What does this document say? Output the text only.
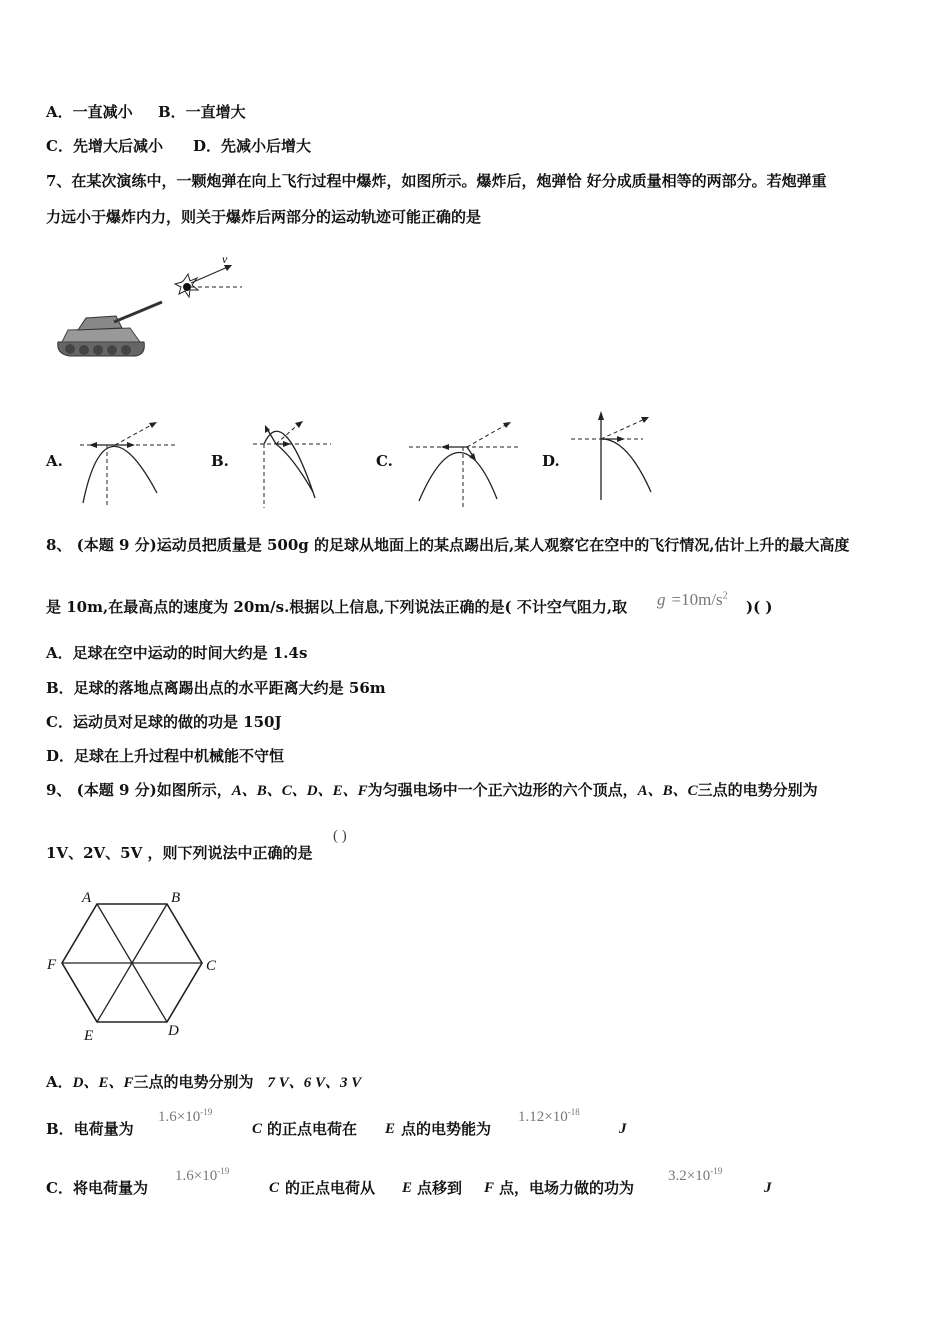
A．一直减小 B．一直增大
C．先增大后减小 D．先减小后增大
7、在某次演练中，一颗炮弹在向上飞行过程中爆炸，如图所示。爆炸后，炮弹恰 好分成质量相等的两部分。若炮弹重
力远小于爆炸内力，则关于爆炸后两部分的运动轨迹可能正确的是
v
A.	B.	C.	D.
8、 (本题 9 分)运动员把质量是 500g 的足球从地面上的某点踢出后,某人观察它在空中的飞行情况,估计上升的最大高度
是 10m,在最高点的速度为 20m/s.根据以上信息,下列说法正确的是( 不计空气阻力,取 $g =10m/s^2$
)( )
A．足球在空中运动的时间大约是 1.4s
B．足球的落地点离踢出点的水平距离大约是 56m
C．运动员对足球的做的功是 150J
D．足球在上升过程中机械能不守恒
9、 (本题 9 分)如图所示，A、B、C、D、E、F为匀强电场中一个正六边形的六个顶点，A、B、C三点的电势分别为
1V、2V、5V ，则下列说法中正确的是
( )
A	B
C
D
E
F
A．D、E、F三点的电势分别为 7 V、6 V、3 V
B．电荷量为
$1.6\times 10^{-19}$
C 的正点电荷在 E 点的电势能为
$1.12\times 10^{-18}$
J
C．将电荷量为
$1.6\times 10^{-19}$
C 的正点电荷从 E 点移到 F 点，电场力做的功为
$3.2\times 10^{-19}$
J
